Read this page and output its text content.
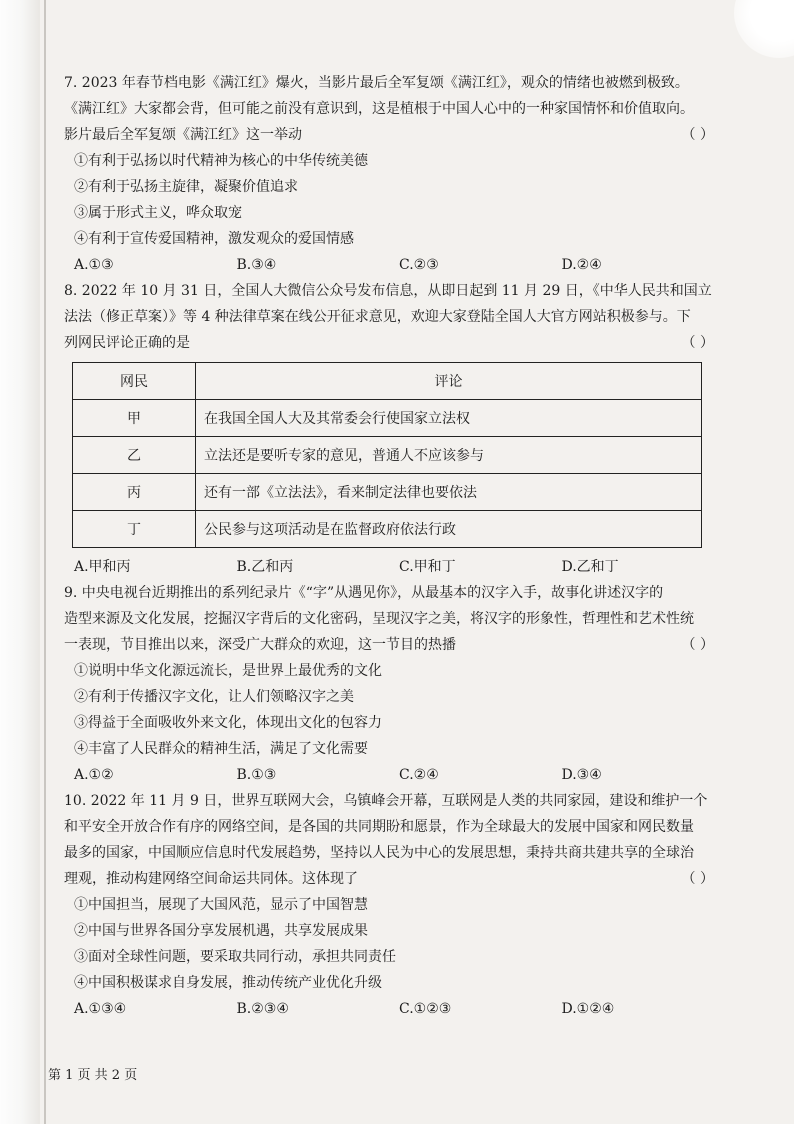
7. 2023 年春节档电影《满江红》爆火，当影片最后全军复颂《满江红》，观众的情绪也被燃到极致。
《满江红》大家都会背，但可能之前没有意识到，这是植根于中国人心中的一种家国情怀和价值取向。
影片最后全军复颂《满江红》这一举动	（ ）
①有利于弘扬以时代精神为核心的中华传统美德
②有利于弘扬主旋律，凝聚价值追求
③属于形式主义，哗众取宠
④有利于宣传爱国精神，激发观众的爱国情感
A.①③	B.③④	C.②③	D.②④
8. 2022 年 10 月 31 日，全国人大微信公众号发布信息，从即日起到 11 月 29 日，《中华人民共和国立
法法（修正草案）》等 4 种法律草案在线公开征求意见，欢迎大家登陆全国人大官方网站积极参与。下
列网民评论正确的是	（ ）
网民	评论
甲	在我国全国人大及其常委会行使国家立法权
乙	立法还是要听专家的意见，普通人不应该参与
丙	还有一部《立法法》，看来制定法律也要依法
丁	公民参与这项活动是在监督政府依法行政
A.甲和丙	B.乙和丙	C.甲和丁	D.乙和丁
9. 中央电视台近期推出的系列纪录片《“字”从遇见你》，从最基本的汉字入手，故事化讲述汉字的
造型来源及文化发展，挖掘汉字背后的文化密码，呈现汉字之美，将汉字的形象性，哲理性和艺术性统
一表现，节目推出以来，深受广大群众的欢迎，这一节目的热播	（ ）
①说明中华文化源远流长，是世界上最优秀的文化
②有利于传播汉字文化，让人们领略汉字之美
③得益于全面吸收外来文化，体现出文化的包容力
④丰富了人民群众的精神生活，满足了文化需要
A.①②	B.①③	C.②④	D.③④
10. 2022 年 11 月 9 日，世界互联网大会，乌镇峰会开幕，互联网是人类的共同家园，建设和维护一个
和平安全开放合作有序的网络空间，是各国的共同期盼和愿景，作为全球最大的发展中国家和网民数量
最多的国家，中国顺应信息时代发展趋势，坚持以人民为中心的发展思想，秉持共商共建共享的全球治
理观，推动构建网络空间命运共同体。这体现了	（ ）
①中国担当，展现了大国风范，显示了中国智慧
②中国与世界各国分享发展机遇，共享发展成果
③面对全球性问题，要采取共同行动，承担共同责任
④中国积极谋求自身发展，推动传统产业优化升级
A.①③④	B.②③④	C.①②③	D.①②④
第 1 页 共 2 页
